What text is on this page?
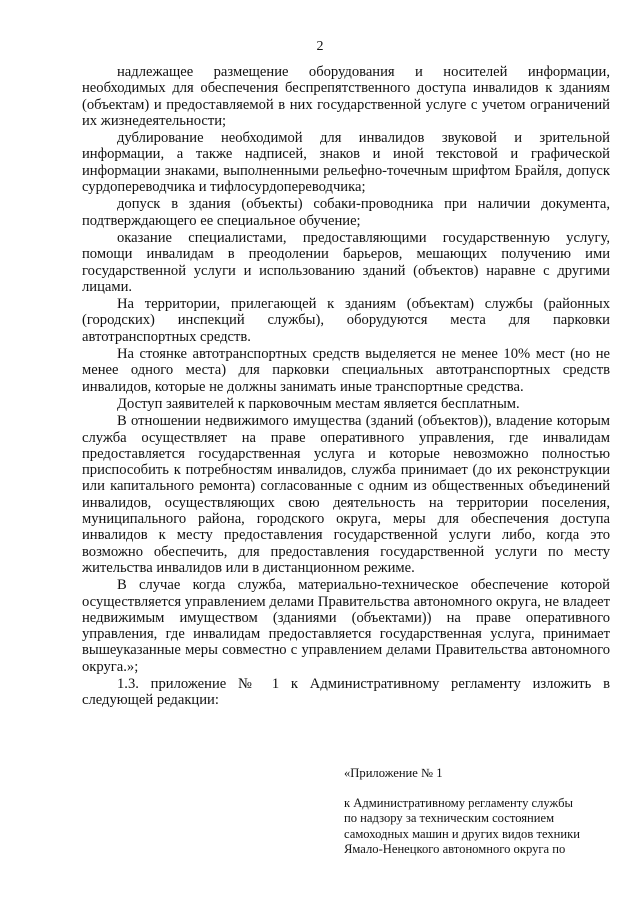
2

надлежащее размещение оборудования и носителей информации, необходимых для обеспечения беспрепятственного доступа инвалидов к зданиям (объектам) и предоставляемой в них государственной услуге с учетом ограничений их жизнедеятельности;

дублирование необходимой для инвалидов звуковой и зрительной информации, а также надписей, знаков и иной текстовой и графической информации знаками, выполненными рельефно-точечным шрифтом Брайля, допуск сурдопереводчика и тифлосурдопереводчика;

допуск в здания (объекты) собаки-проводника при наличии документа, подтверждающего ее специальное обучение;

оказание специалистами, предоставляющими государственную услугу, помощи инвалидам в преодолении барьеров, мешающих получению ими государственной услуги и использованию зданий (объектов) наравне с другими лицами.

На территории, прилегающей к зданиям (объектам) службы (районных (городских) инспекций службы), оборудуются места для парковки автотранспортных средств.

На стоянке автотранспортных средств выделяется не менее 10% мест (но не менее одного места) для парковки специальных автотранспортных средств инвалидов, которые не должны занимать иные транспортные средства.

Доступ заявителей к парковочным местам является бесплатным.

В отношении недвижимого имущества (зданий (объектов)), владение которым служба осуществляет на праве оперативного управления, где инвалидам предоставляется государственная услуга и которые невозможно полностью приспособить к потребностям инвалидов, служба принимает (до их реконструкции или капитального ремонта) согласованные с одним из общественных объединений инвалидов, осуществляющих свою деятельность на территории поселения, муниципального района, городского округа, меры для обеспечения доступа инвалидов к месту предоставления государственной услуги либо, когда это возможно обеспечить, для предоставления государственной услуги по месту жительства инвалидов или в дистанционном режиме.

В случае когда служба, материально-техническое обеспечение которой осуществляется управлением делами Правительства автономного округа, не владеет недвижимым имуществом (зданиями (объектами)) на праве оперативного управления, где инвалидам предоставляется государственная услуга, принимает вышеуказанные меры совместно с управлением делами Правительства автономного округа.»;

1.3. приложение № 1 к Административному регламенту изложить в следующей редакции:

«Приложение № 1

к Административному регламенту службы

по надзору за техническим состоянием

самоходных машин и других видов техники

Ямало-Ненецкого автономного округа по
